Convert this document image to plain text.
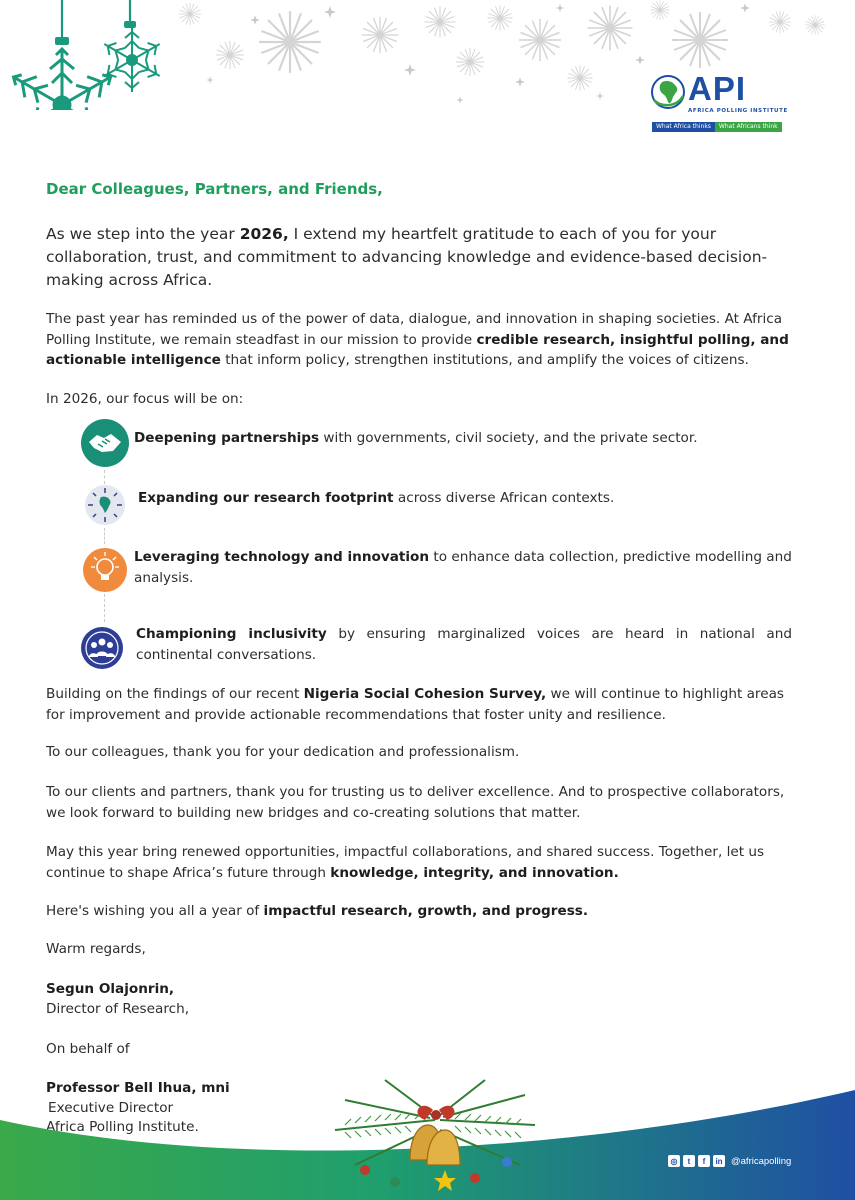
API
AFRICA POLLING INSTITUTE
What Africa thinks	What Africans think
Dear Colleagues, Partners, and Friends,

As we step into the year 2026, I extend my heartfelt gratitude to each of you for your collaboration, trust, and commitment to advancing knowledge and evidence-based decision-making across Africa.

The past year has reminded us of the power of data, dialogue, and innovation in shaping societies. At Africa Polling Institute, we remain steadfast in our mission to provide credible research, insightful polling, and actionable intelligence that inform policy, strengthen institutions, and amplify the voices of citizens.

In 2026, our focus will be on:

Deepening partnerships with governments, civil society, and the private sector.
Expanding our research footprint across diverse African contexts.
Leveraging technology and innovation to enhance data collection, predictive modelling and analysis.
Championing inclusivity by ensuring marginalized voices are heard in national and continental conversations.

Building on the findings of our recent Nigeria Social Cohesion Survey, we will continue to highlight areas for improvement and provide actionable recommendations that foster unity and resilience.

To our colleagues, thank you for your dedication and professionalism.

To our clients and partners, thank you for trusting us to deliver excellence. And to prospective collaborators, we look forward to building new bridges and co-creating solutions that matter.

May this year bring renewed opportunities, impactful collaborations, and shared success. Together, let us continue to shape Africa’s future through knowledge, integrity, and innovation.

Here's wishing you all a year of impactful research, growth, and progress.

Warm regards,
Segun Olajonrin,
Director of Research,
On behalf of
Professor Bell Ihua, mni
Executive Director
Africa Polling Institute.
◎	t	f	in @africapolling
